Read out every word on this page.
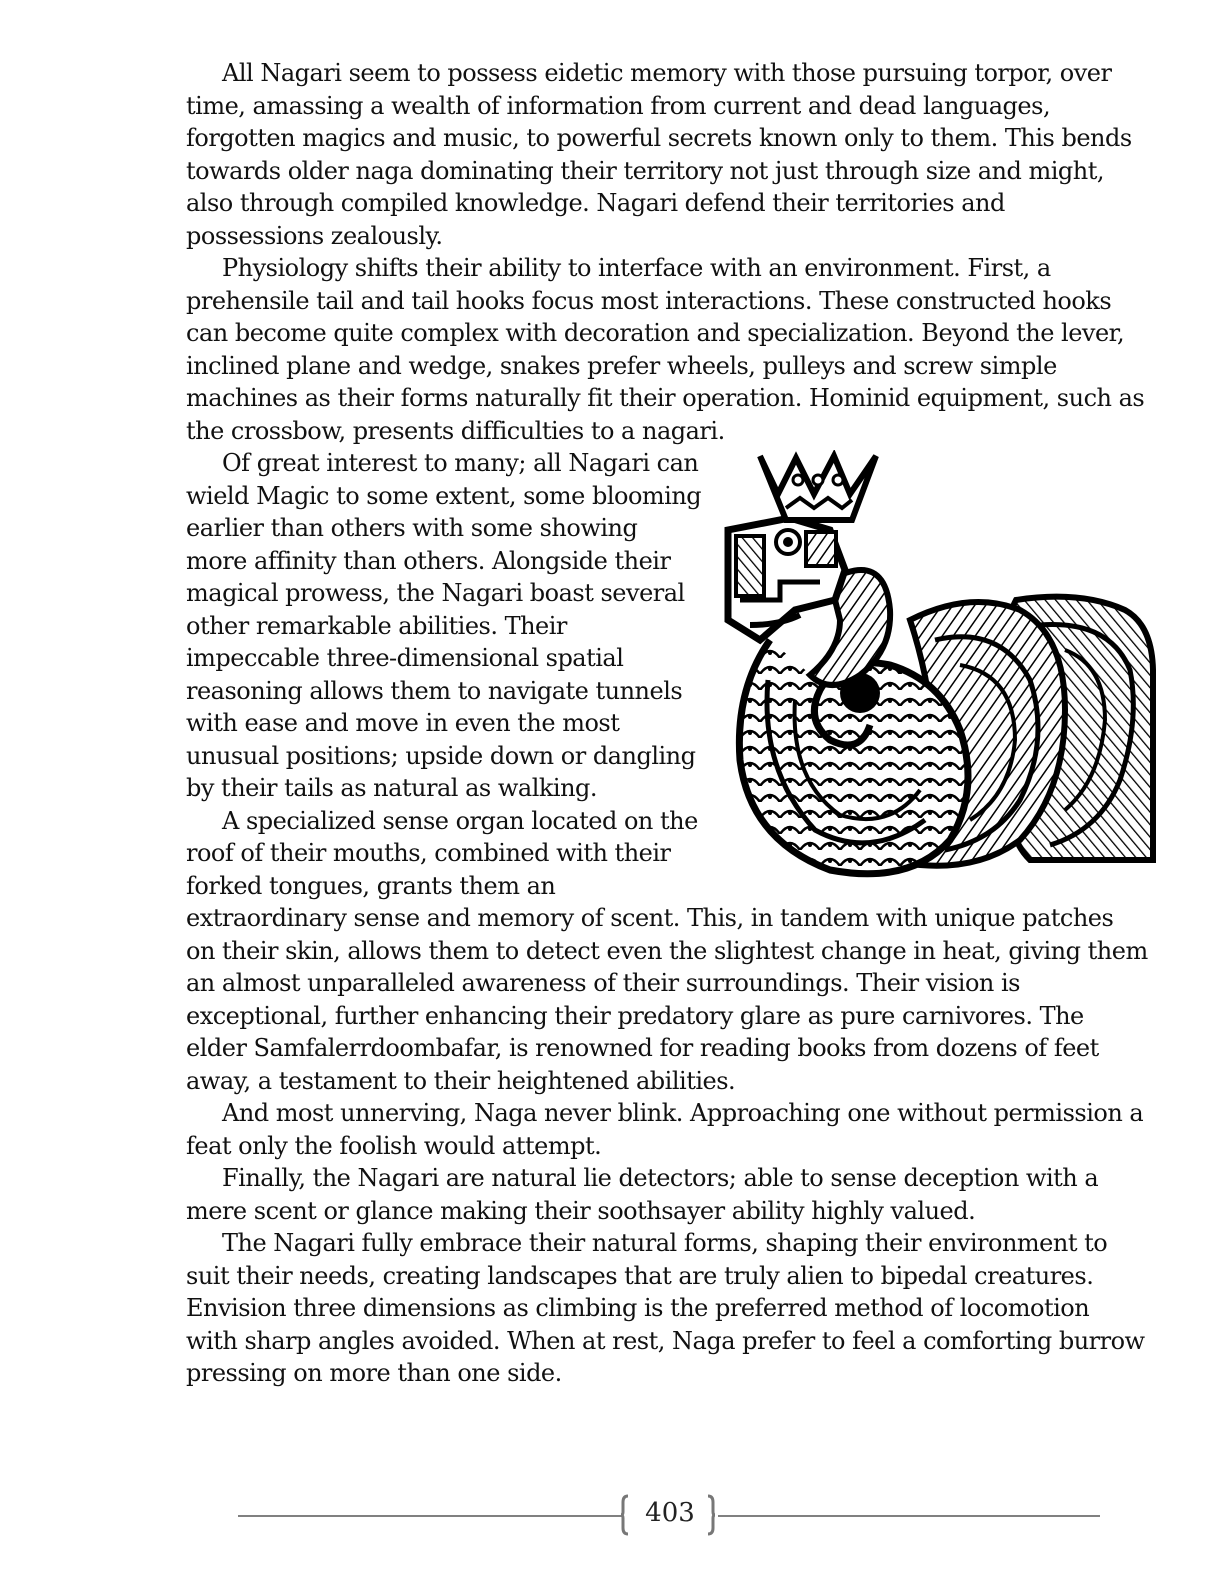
All Nagari seem to possess eidetic memory with those pursuing torpor, over
time, amassing a wealth of information from current and dead languages,
forgotten magics and music, to powerful secrets known only to them. This bends
towards older naga dominating their territory not just through size and might,
also through compiled knowledge. Nagari defend their territories and
possessions zealously.
Physiology shifts their ability to interface with an environment. First, a
prehensile tail and tail hooks focus most interactions. These constructed hooks
can become quite complex with decoration and specialization. Beyond the lever,
inclined plane and wedge, snakes prefer wheels, pulleys and screw simple
machines as their forms naturally fit their operation. Hominid equipment, such as
the crossbow, presents difficulties to a nagari.
Of great interest to many; all Nagari can
wield Magic to some extent, some blooming
earlier than others with some showing
more affinity than others. Alongside their
magical prowess, the Nagari boast several
other remarkable abilities. Their
impeccable three-dimensional spatial
reasoning allows them to navigate tunnels
with ease and move in even the most
unusual positions; upside down or dangling
by their tails as natural as walking.
A specialized sense organ located on the
roof of their mouths, combined with their
forked tongues, grants them an
extraordinary sense and memory of scent. This, in tandem with unique patches
on their skin, allows them to detect even the slightest change in heat, giving them
an almost unparalleled awareness of their surroundings. Their vision is
exceptional, further enhancing their predatory glare as pure carnivores. The
elder Samfalerrdoombafar, is renowned for reading books from dozens of feet
away, a testament to their heightened abilities.
And most unnerving, Naga never blink. Approaching one without permission a
feat only the foolish would attempt.
Finally, the Nagari are natural lie detectors; able to sense deception with a
mere scent or glance making their soothsayer ability highly valued.
The Nagari fully embrace their natural forms, shaping their environment to
suit their needs, creating landscapes that are truly alien to bipedal creatures.
Envision three dimensions as climbing is the preferred method of locomotion
with sharp angles avoided. When at rest, Naga prefer to feel a comforting burrow
pressing on more than one side.
403
